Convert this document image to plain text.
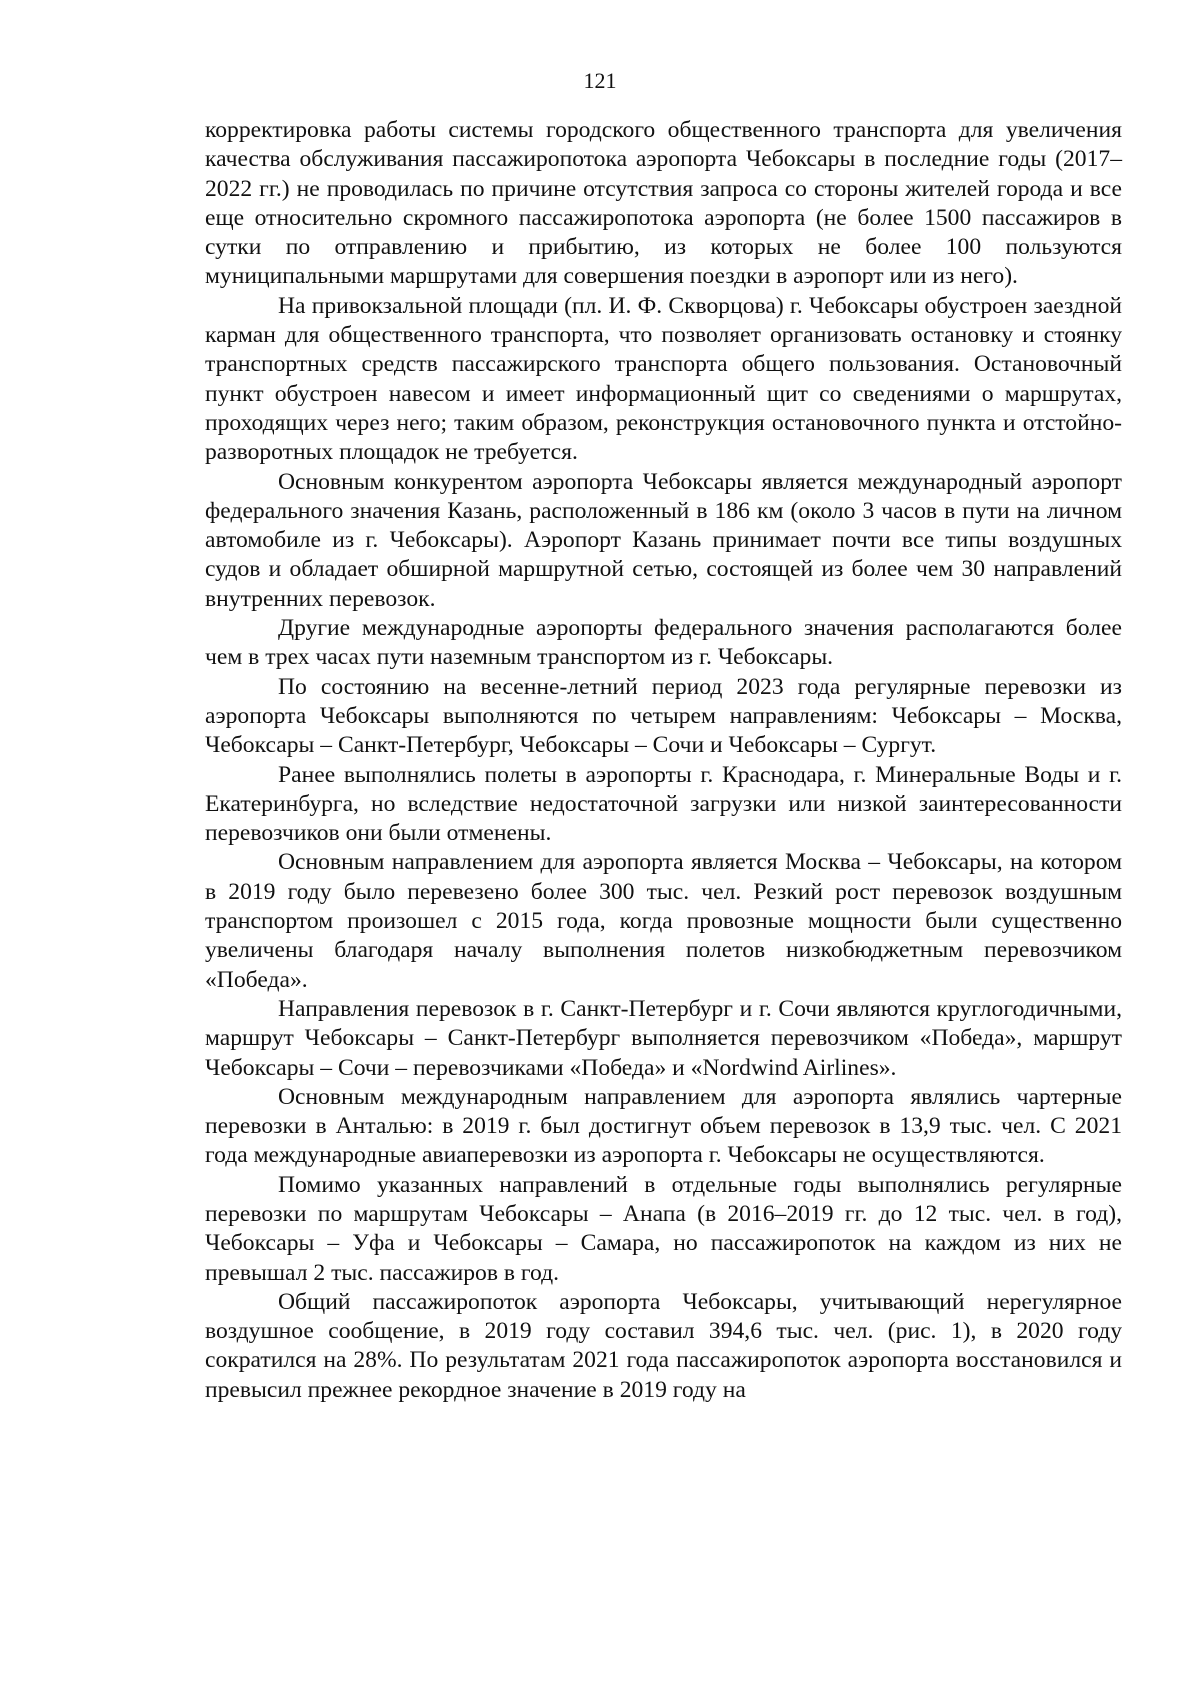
121

корректировка работы системы городского общественного транспорта для увеличения качества обслуживания пассажиропотока аэропорта Чебоксары в последние годы (2017–2022 гг.) не проводилась по причине отсутствия запроса со стороны жителей города и все еще относительно скромного пассажиропотока аэропорта (не более 1500 пассажиров в сутки по отправлению и прибытию, из которых не более 100 пользуются муниципальными маршрутами для совершения поездки в аэропорт или из него).

На привокзальной площади (пл. И. Ф. Скворцова) г. Чебоксары обустроен заездной карман для общественного транспорта, что позволяет организовать остановку и стоянку транспортных средств пассажирского транспорта общего пользования. Остановочный пункт обустроен навесом и имеет информационный щит со сведениями о маршрутах, проходящих через него; таким образом, реконструкция остановочного пункта и отстойно-разворотных площадок не требуется.

Основным конкурентом аэропорта Чебоксары является международный аэропорт федерального значения Казань, расположенный в 186 км (около 3 часов в пути на личном автомобиле из г. Чебоксары). Аэропорт Казань принимает почти все типы воздушных судов и обладает обширной маршрутной сетью, состоящей из более чем 30 направлений внутренних перевозок.

Другие международные аэропорты федерального значения располагаются более чем в трех часах пути наземным транспортом из г. Чебоксары.

По состоянию на весенне-летний период 2023 года регулярные перевозки из аэропорта Чебоксары выполняются по четырем направлениям: Чебоксары – Москва, Чебоксары – Санкт-Петербург, Чебоксары – Сочи и Чебоксары – Сургут.

Ранее выполнялись полеты в аэропорты г. Краснодара, г. Минеральные Воды и г. Екатеринбурга, но вследствие недостаточной загрузки или низкой заинтересованности перевозчиков они были отменены.

Основным направлением для аэропорта является Москва – Чебоксары, на котором в 2019 году было перевезено более 300 тыс. чел. Резкий рост перевозок воздушным транспортом произошел с 2015 года, когда провозные мощности были существенно увеличены благодаря началу выполнения полетов низкобюджетным перевозчиком «Победа».

Направления перевозок в г. Санкт-Петербург и г. Сочи являются круглогодичными, маршрут Чебоксары – Санкт-Петербург выполняется перевозчиком «Победа», маршрут Чебоксары – Сочи – перевозчиками «Победа» и «Nordwind Airlines».

Основным международным направлением для аэропорта являлись чартерные перевозки в Анталью: в 2019 г. был достигнут объем перевозок в 13,9 тыс. чел. С 2021 года международные авиаперевозки из аэропорта г. Чебоксары не осуществляются.

Помимо указанных направлений в отдельные годы выполнялись регулярные перевозки по маршрутам Чебоксары – Анапа (в 2016–2019 гг. до 12 тыс. чел. в год), Чебоксары – Уфа и Чебоксары – Самара, но пассажиропоток на каждом из них не превышал 2 тыс. пассажиров в год.

Общий пассажиропоток аэропорта Чебоксары, учитывающий нерегулярное воздушное сообщение, в 2019 году составил 394,6 тыс. чел. (рис. 1), в 2020 году сократился на 28%. По результатам 2021 года пассажиропоток аэропорта восстановился и превысил прежнее рекордное значение в 2019 году на
